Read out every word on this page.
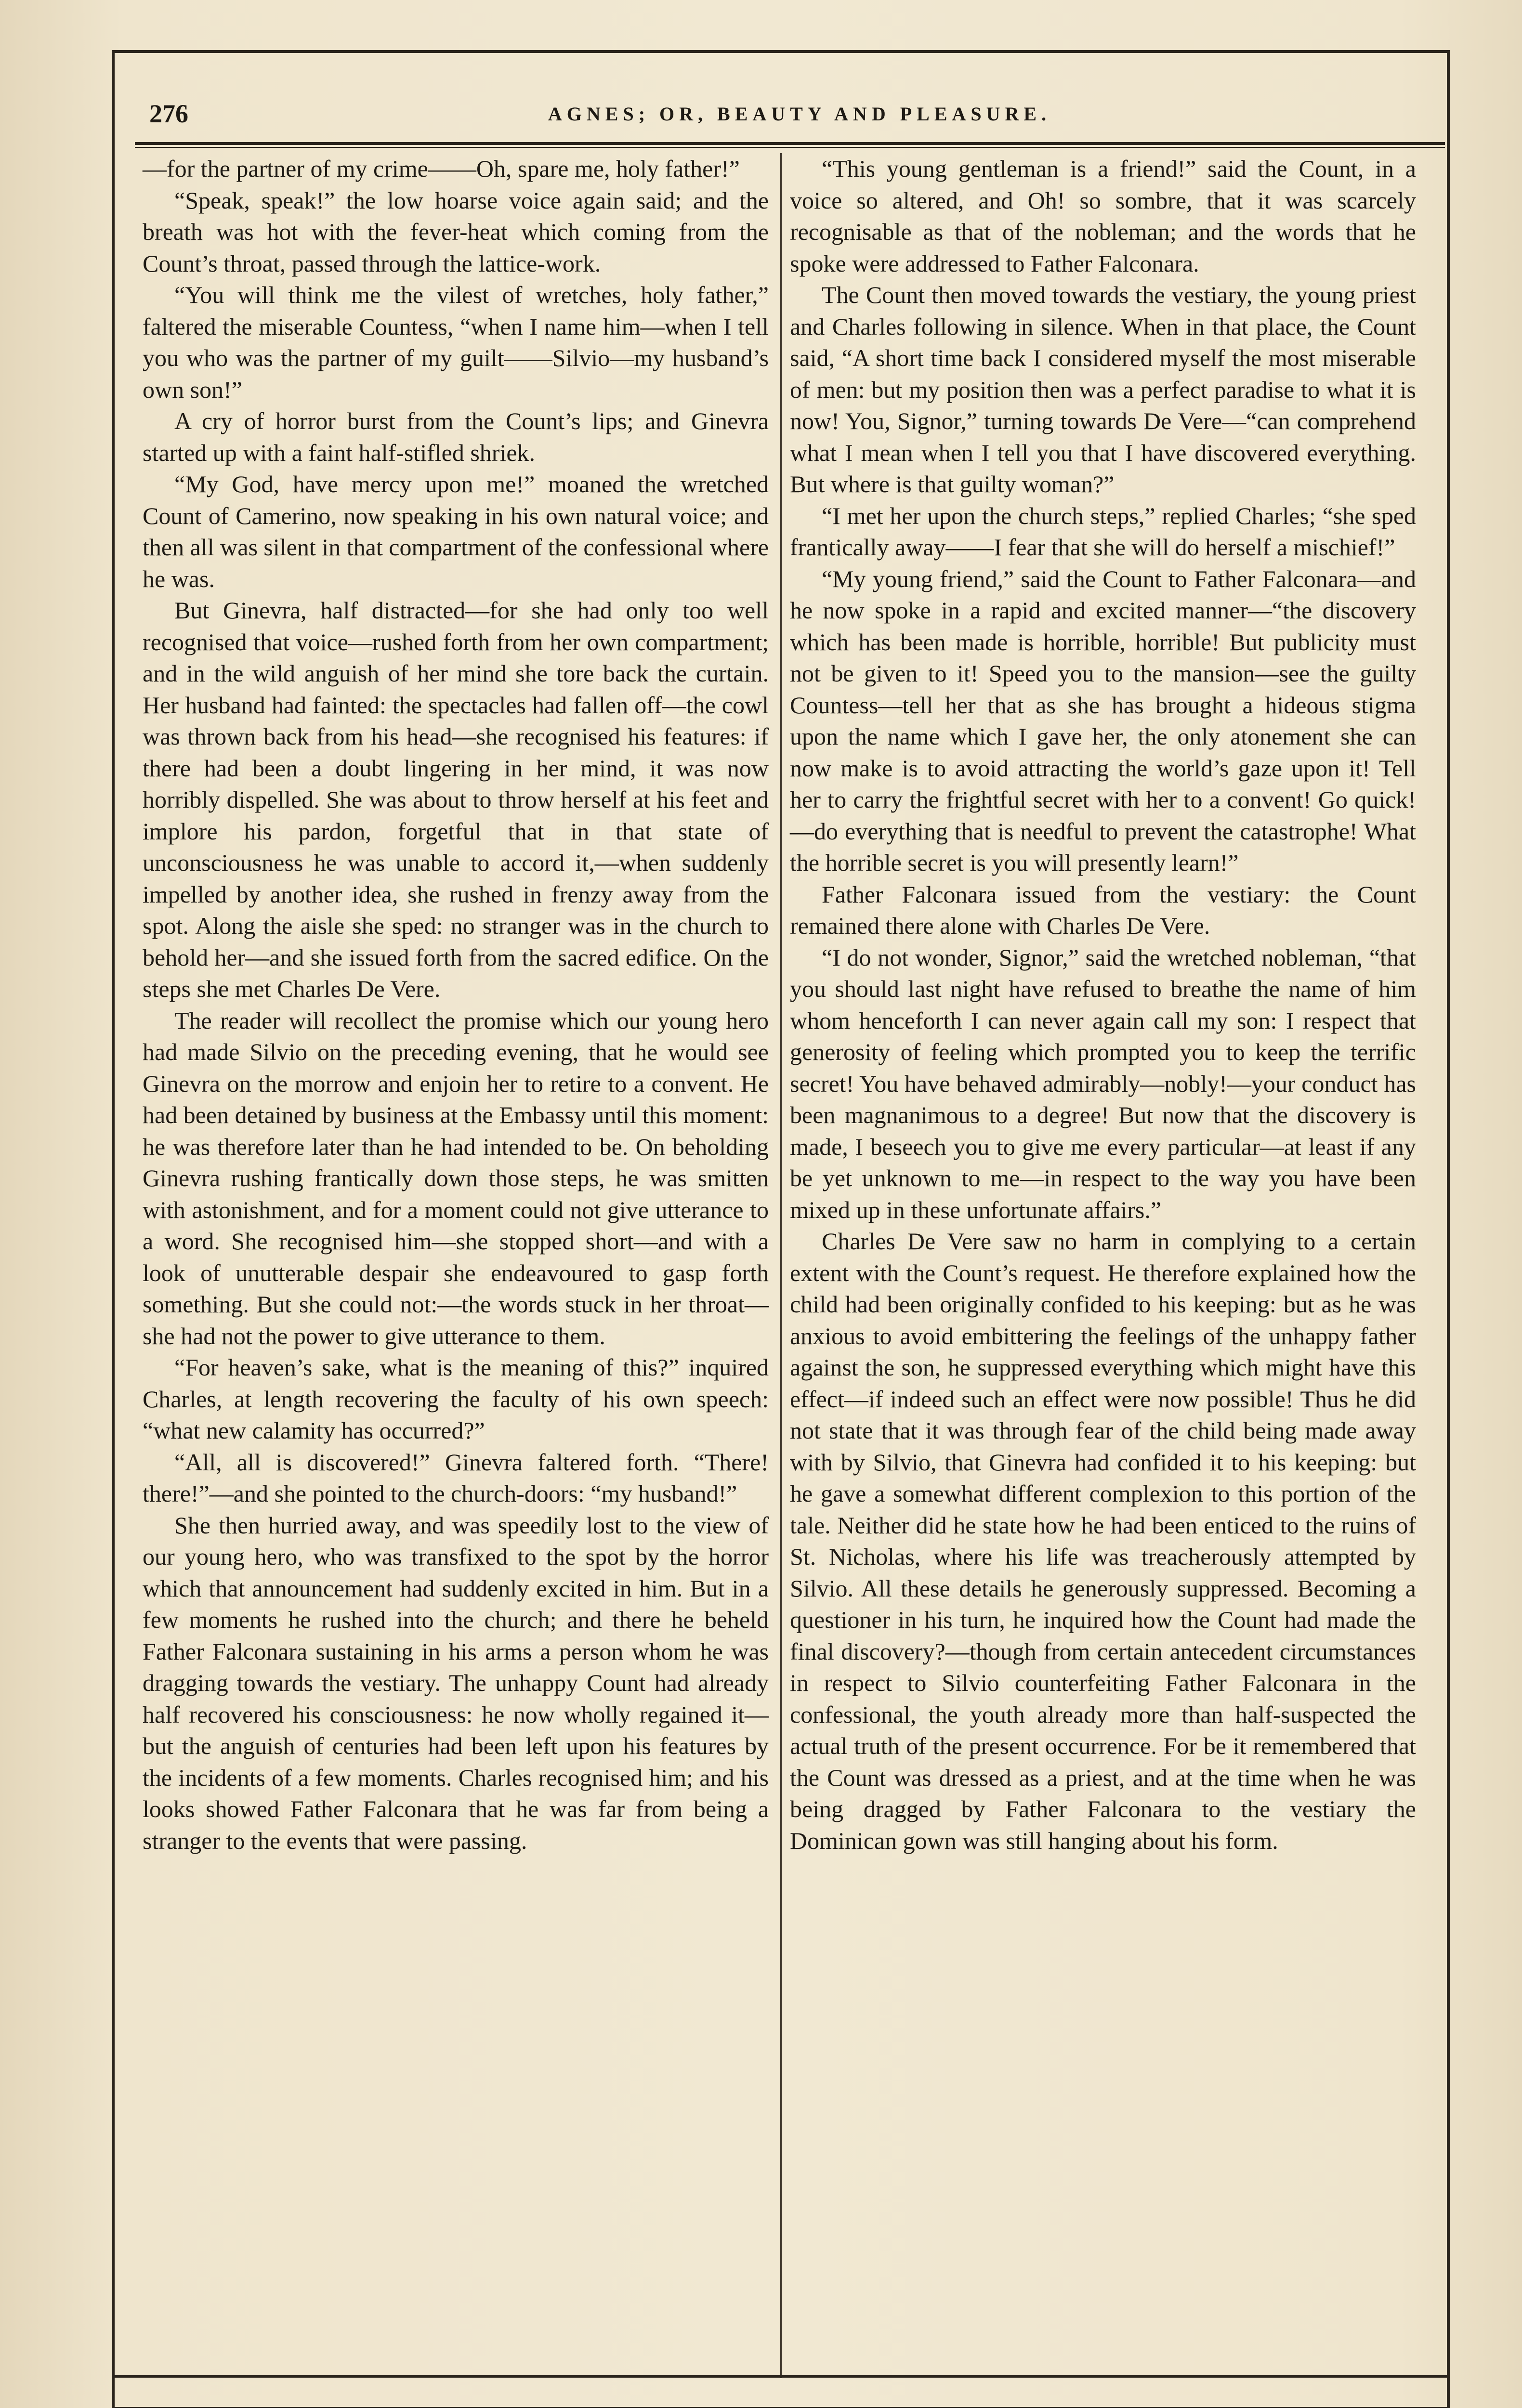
276	AGNES; OR, BEAUTY AND PLEASURE.

—for the partner of my crime——Oh, spare me, holy father!”

“Speak, speak!” the low hoarse voice again said; and the breath was hot with the fever-heat which coming from the Count’s throat, passed through the lattice-work.

“You will think me the vilest of wretches, holy father,” faltered the miserable Countess, “when I name him—when I tell you who was the partner of my guilt——Silvio—my husband’s own son!”

A cry of horror burst from the Count’s lips; and Ginevra started up with a faint half-stifled shriek.

“My God, have mercy upon me!” moaned the wretched Count of Camerino, now speaking in his own natural voice; and then all was silent in that compartment of the confessional where he was.

But Ginevra, half distracted—for she had only too well recognised that voice—rushed forth from her own compartment; and in the wild anguish of her mind she tore back the curtain. Her husband had fainted: the spectacles had fallen off—the cowl was thrown back from his head—she recognised his features: if there had been a doubt lingering in her mind, it was now horribly dispelled. She was about to throw herself at his feet and implore his pardon, forgetful that in that state of unconsciousness he was unable to accord it,—when suddenly impelled by another idea, she rushed in frenzy away from the spot. Along the aisle she sped: no stranger was in the church to behold her—and she issued forth from the sacred edifice. On the steps she met Charles De Vere.

The reader will recollect the promise which our young hero had made Silvio on the preceding evening, that he would see Ginevra on the morrow and enjoin her to retire to a convent. He had been detained by business at the Embassy until this moment: he was therefore later than he had intended to be. On beholding Ginevra rushing frantically down those steps, he was smitten with astonishment, and for a moment could not give utterance to a word. She recognised him—she stopped short—and with a look of unutterable despair she endeavoured to gasp forth something. But she could not:—the words stuck in her throat—she had not the power to give utterance to them.

“For heaven’s sake, what is the meaning of this?” inquired Charles, at length recovering the faculty of his own speech: “what new calamity has occurred?”

“All, all is discovered!” Ginevra faltered forth. “There! there!”—and she pointed to the church-doors: “my husband!”

She then hurried away, and was speedily lost to the view of our young hero, who was transfixed to the spot by the horror which that announcement had suddenly excited in him. But in a few moments he rushed into the church; and there he beheld Father Falconara sustaining in his arms a person whom he was dragging towards the vestiary. The unhappy Count had already half recovered his consciousness: he now wholly regained it—but the anguish of centuries had been left upon his features by the incidents of a few moments. Charles recognised him; and his looks showed Father Falconara that he was far from being a stranger to the events that were passing.

“This young gentleman is a friend!” said the Count, in a voice so altered, and Oh! so sombre, that it was scarcely recognisable as that of the nobleman; and the words that he spoke were addressed to Father Falconara.

The Count then moved towards the vestiary, the young priest and Charles following in silence. When in that place, the Count said, “A short time back I considered myself the most miserable of men: but my position then was a perfect paradise to what it is now! You, Signor,” turning towards De Vere—“can comprehend what I mean when I tell you that I have discovered everything. But where is that guilty woman?”

“I met her upon the church steps,” replied Charles; “she sped frantically away——I fear that she will do herself a mischief!”

“My young friend,” said the Count to Father Falconara—and he now spoke in a rapid and excited manner—“the discovery which has been made is horrible, horrible! But publicity must not be given to it! Speed you to the mansion—see the guilty Countess—tell her that as she has brought a hideous stigma upon the name which I gave her, the only atonement she can now make is to avoid attracting the world’s gaze upon it! Tell her to carry the frightful secret with her to a convent! Go quick!—do everything that is needful to prevent the catastrophe! What the horrible secret is you will presently learn!”

Father Falconara issued from the vestiary: the Count remained there alone with Charles De Vere.

“I do not wonder, Signor,” said the wretched nobleman, “that you should last night have refused to breathe the name of him whom henceforth I can never again call my son: I respect that generosity of feeling which prompted you to keep the terrific secret! You have behaved admirably—nobly!—your conduct has been magnanimous to a degree! But now that the discovery is made, I beseech you to give me every particular—at least if any be yet unknown to me—in respect to the way you have been mixed up in these unfortunate affairs.”

Charles De Vere saw no harm in complying to a certain extent with the Count’s request. He therefore explained how the child had been originally confided to his keeping: but as he was anxious to avoid embittering the feelings of the unhappy father against the son, he suppressed everything which might have this effect—if indeed such an effect were now possible! Thus he did not state that it was through fear of the child being made away with by Silvio, that Ginevra had confided it to his keeping: but he gave a somewhat different complexion to this portion of the tale. Neither did he state how he had been enticed to the ruins of St. Nicholas, where his life was treacherously attempted by Silvio. All these details he generously suppressed. Becoming a questioner in his turn, he inquired how the Count had made the final discovery?—though from certain antecedent circumstances in respect to Silvio counterfeiting Father Falconara in the confessional, the youth already more than half-suspected the actual truth of the present occurrence. For be it remembered that the Count was dressed as a priest, and at the time when he was being dragged by Father Falconara to the vestiary the Dominican gown was still hanging about his form.
